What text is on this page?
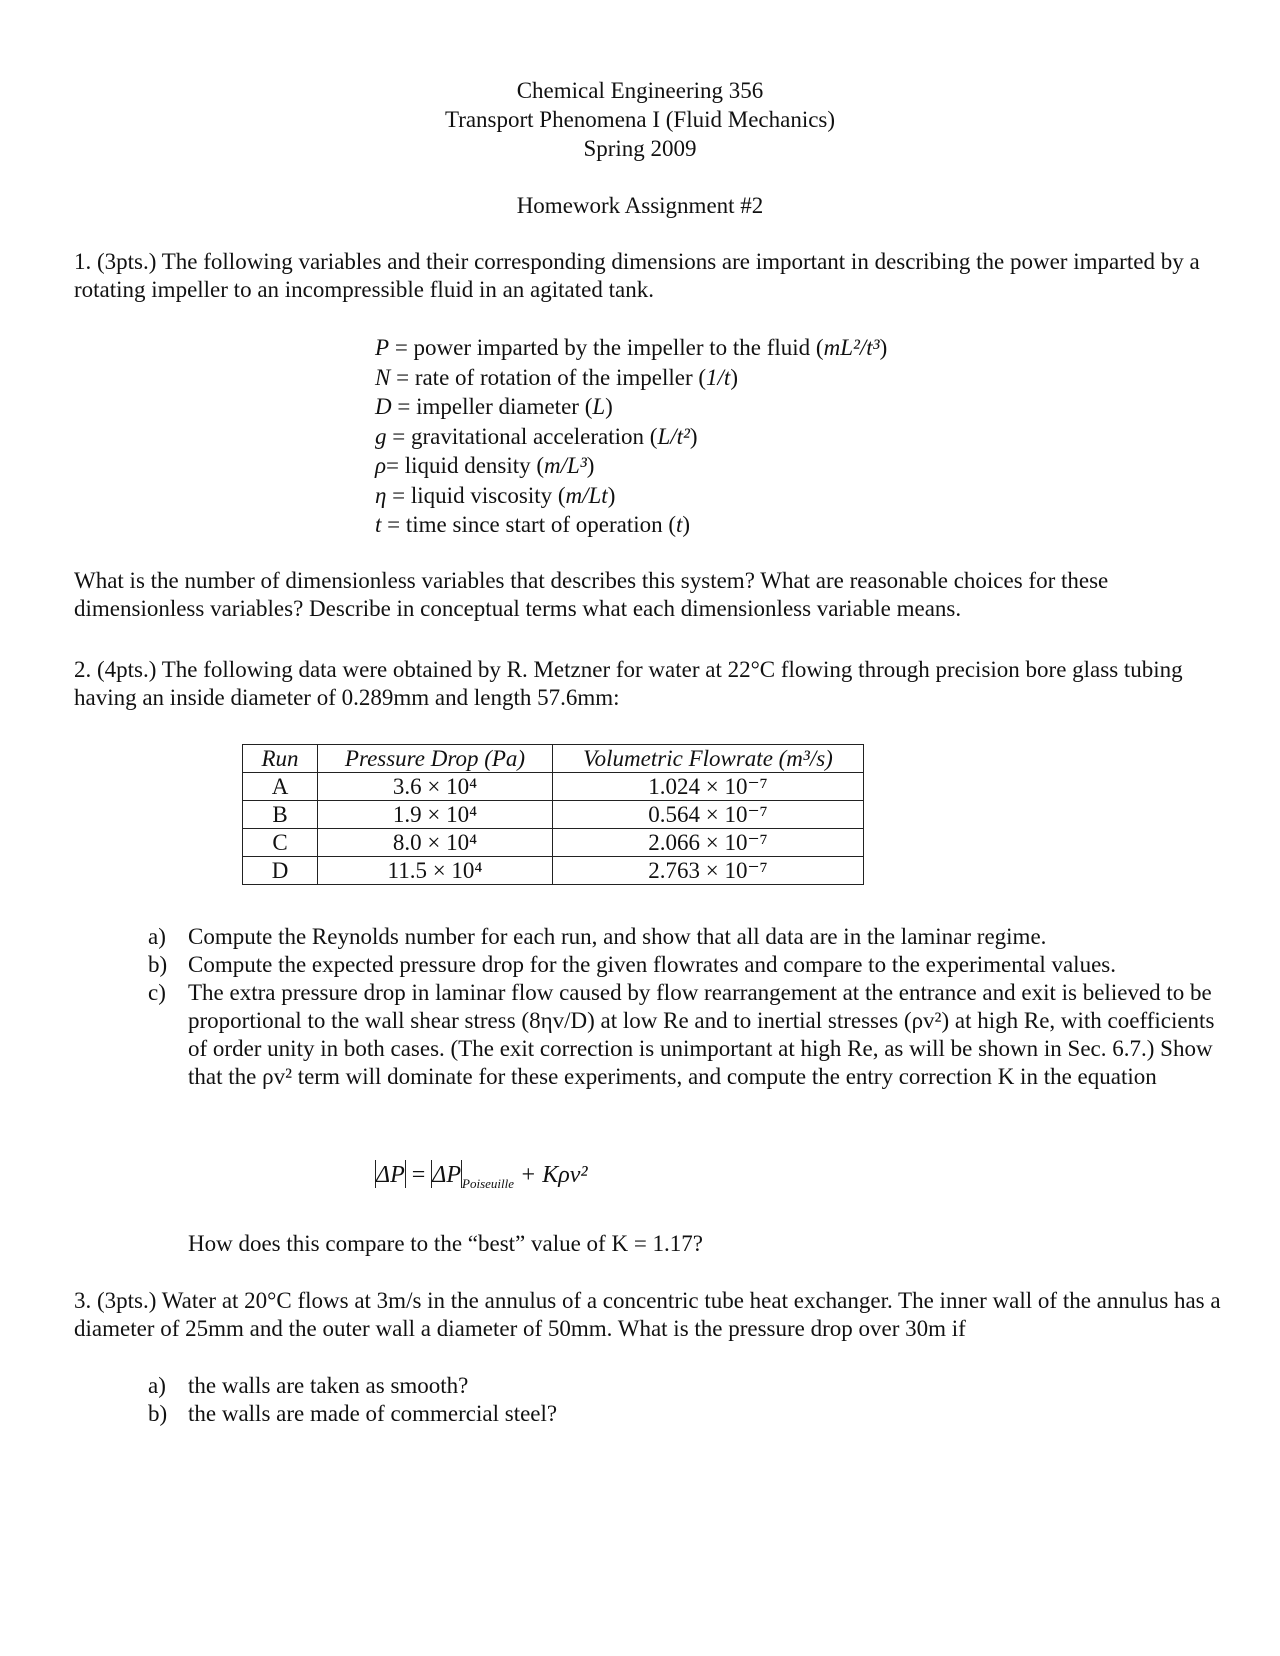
Chemical Engineering 356
Transport Phenomena I (Fluid Mechanics)
Spring 2009
Homework Assignment #2
1. (3pts.) The following variables and their corresponding dimensions are important in describing the power imparted by a rotating impeller to an incompressible fluid in an agitated tank.
P = power imparted by the impeller to the fluid (mL²/t³)
N = rate of rotation of the impeller (1/t)
D = impeller diameter (L)
g = gravitational acceleration (L/t²)
ρ= liquid density (m/L³)
η = liquid viscosity (m/Lt)
t = time since start of operation (t)
What is the number of dimensionless variables that describes this system? What are reasonable choices for these dimensionless variables? Describe in conceptual terms what each dimensionless variable means.
2. (4pts.) The following data were obtained by R. Metzner for water at 22°C flowing through precision bore glass tubing having an inside diameter of 0.289mm and length 57.6mm:
Run	Pressure Drop (Pa)	Volumetric Flowrate (m³/s)
A	3.6 × 10⁴	1.024 × 10⁻⁷
B	1.9 × 10⁴	0.564 × 10⁻⁷
C	8.0 × 10⁴	2.066 × 10⁻⁷
D	11.5 × 10⁴	2.763 × 10⁻⁷
a) Compute the Reynolds number for each run, and show that all data are in the laminar regime.
b) Compute the expected pressure drop for the given flowrates and compare to the experimental values.
c) The extra pressure drop in laminar flow caused by flow rearrangement at the entrance and exit is believed to be proportional to the wall shear stress (8ηv/D) at low Re and to inertial stresses (ρv²) at high Re, with coefficients of order unity in both cases. (The exit correction is unimportant at high Re, as will be shown in Sec. 6.7.) Show that the ρv² term will dominate for these experiments, and compute the entry correction K in the equation
$\Delta P = \Delta P_{Poiseuille} + K\rho v^2$
How does this compare to the “best” value of K = 1.17?
3. (3pts.) Water at 20°C flows at 3m/s in the annulus of a concentric tube heat exchanger. The inner wall of the annulus has a diameter of 25mm and the outer wall a diameter of 50mm. What is the pressure drop over 30m if
a) the walls are taken as smooth?
b) the walls are made of commercial steel?
